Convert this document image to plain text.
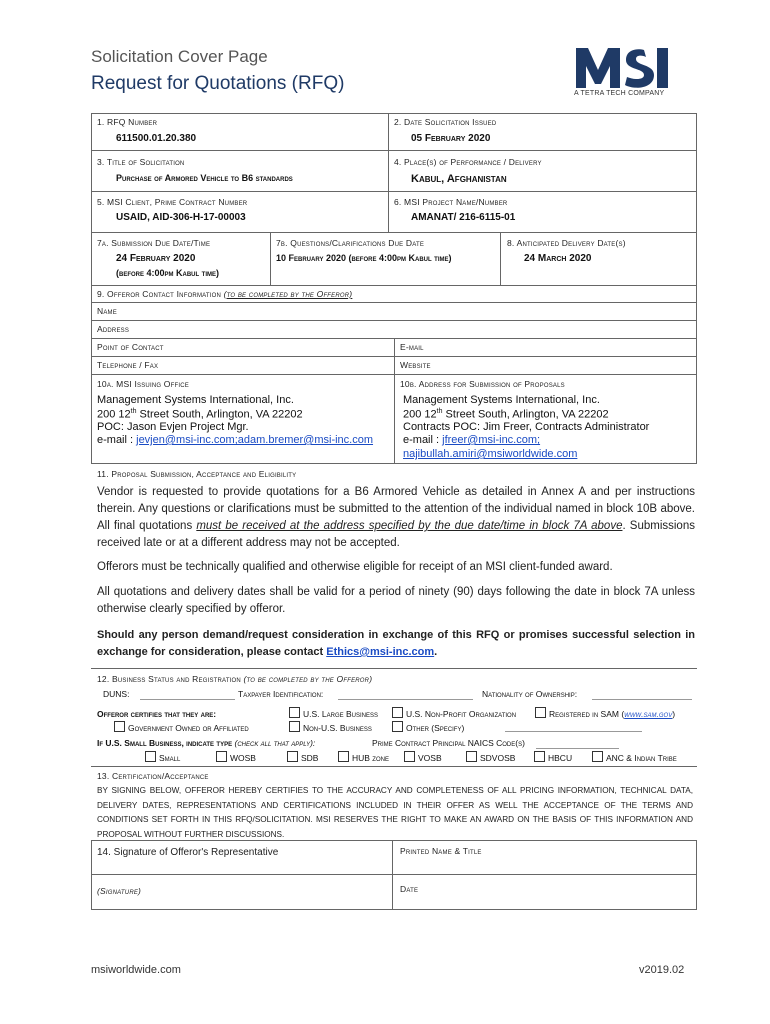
Solicitation Cover Page
Request for Quotations (RFQ)	A TETRA TECH COMPANY
1. RFQ Number
611500.01.20.380
2. Date Solicitation Issued
05 February 2020
3. Title of Solicitation
Purchase of Armored Vehicle to B6 standards
4. Place(s) of Performance / Delivery
Kabul, Afghanistan
5. MSI Client, Prime Contract Number
USAID, AID-306-H-17-00003
6. MSI Project Name/Number
AMANAT/ 216-6115-01
7a. Submission Due Date/Time
24 February 2020
(before 4:00pm Kabul time)
7b. Questions/Clarifications Due Date
10 February 2020 (before 4:00pm Kabul time)
8. Anticipated Delivery Date(s)
24 March 2020
9. Offeror Contact Information (to be completed by the Offeror)
Name
Address
Point of Contact	E-mail
Telephone / Fax	Website
10a. MSI Issuing Office
Management Systems International, Inc.
200 12th Street South, Arlington, VA 22202
POC: Jason Evjen Project Mgr.
e-mail : jevjen@msi-inc.com;adam.bremer@msi-inc.com
10b. Address for Submission of Proposals
Management Systems International, Inc.
200 12th Street South, Arlington, VA 22202
Contracts POC: Jim Freer, Contracts Administrator
e-mail : jfreer@msi-inc.com;
najibullah.amiri@msiworldwide.com
11. Proposal Submission, Acceptance and Eligibility
Vendor is requested to provide quotations for a B6 Armored Vehicle as detailed in Annex A and per instructions therein. Any questions or clarifications must be submitted to the attention of the individual named in block 10B above. All final quotations must be received at the address specified by the due date/time in block 7A above. Submissions received late or at a different address may not be accepted.
Offerors must be technically qualified and otherwise eligible for receipt of an MSI client-funded award.
All quotations and delivery dates shall be valid for a period of ninety (90) days following the date in block 7A unless otherwise clearly specified by offeror.
Should any person demand/request consideration in exchange of this RFQ or promises successful selection in exchange for consideration, please contact Ethics@msi-inc.com.
12. Business Status and Registration (to be completed by the Offeror)
DUNS:	Taxpayer Identification:	Nationality of Ownership:
Offeror certifies that they are:	U.S. Large Business	U.S. Non-Profit Organization	Registered in SAM (www.sam.gov)
Government Owned or Affiliated	Non-U.S. Business	Other (Specify)
If U.S. Small Business, indicate type (check all that apply):	Prime Contract Principal NAICS Code(s)
Small	WOSB	SDB	HUB zone	VOSB	SDVOSB	HBCU	ANC & Indian Tribe
13. Certification/Acceptance
BY SIGNING BELOW, OFFEROR HEREBY CERTIFIES TO THE ACCURACY AND COMPLETENESS OF ALL PRICING INFORMATION, TECHNICAL DATA, DELIVERY DATES, REPRESENTATIONS AND CERTIFICATIONS INCLUDED IN THEIR OFFER AS WELL THE ACCEPTANCE OF THE TERMS AND CONDITIONS SET FORTH IN THIS RFQ/SOLICITATION. MSI RESERVES THE RIGHT TO MAKE AN AWARD ON THE BASIS OF THIS INFORMATION AND PROPOSAL WITHOUT FURTHER DISCUSSIONS.
14. Signature of Offeror's Representative	Printed Name & Title
(Signature)	Date
msiworldwide.com	v2019.02
